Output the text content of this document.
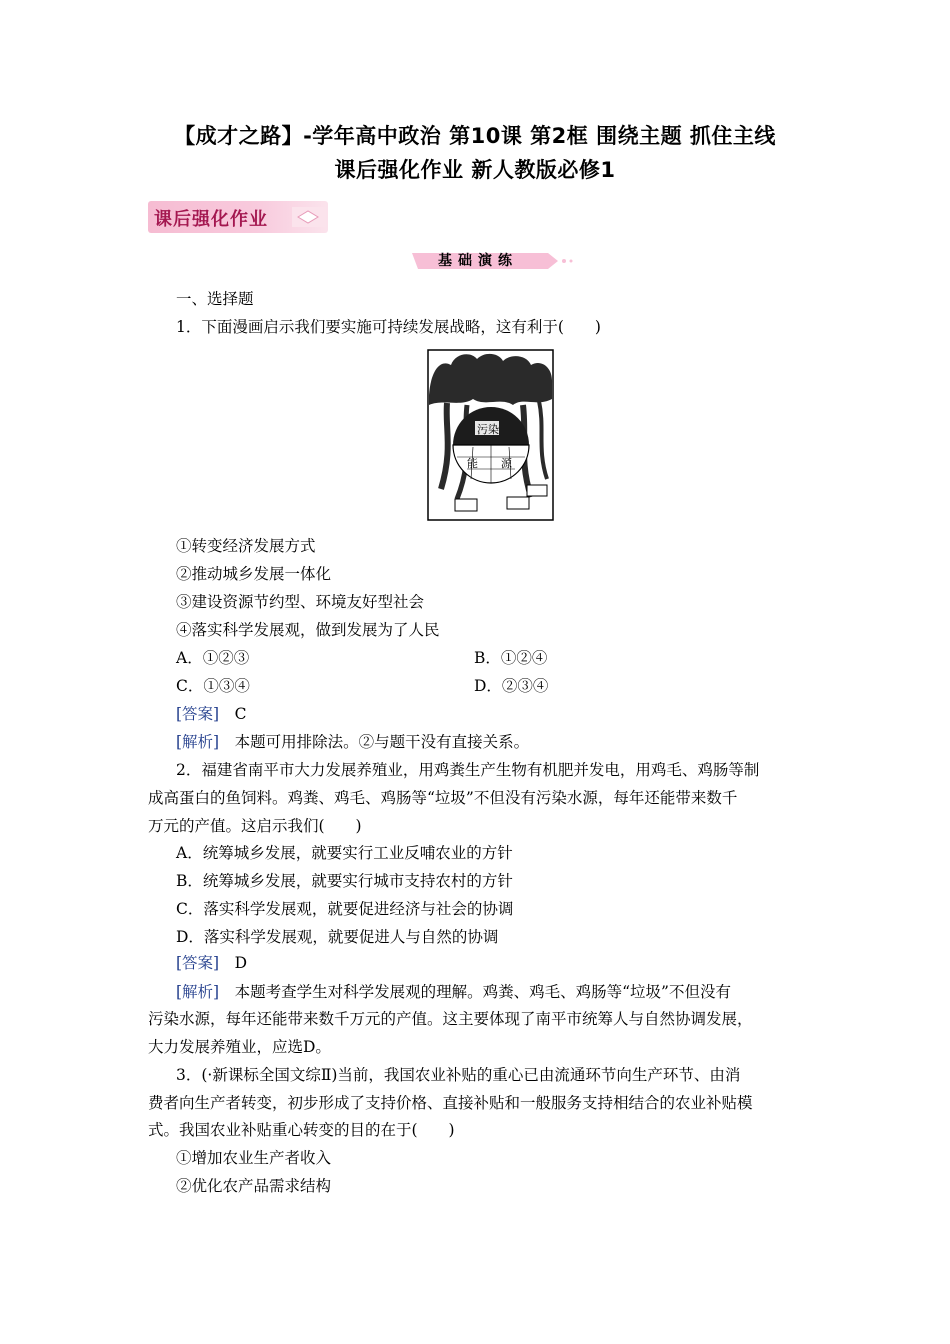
【成才之路】-学年高中政治 第10课 第2框 围绕主题 抓住主线
课后强化作业 新人教版必修1
课后强化作业
基础演练
一、选择题
1．下面漫画启示我们要实施可持续发展战略，这有利于(　　)
污染
能 源
①转变经济发展方式
②推动城乡发展一体化
③建设资源节约型、环境友好型社会
④落实科学发展观，做到发展为了人民
A．①②③	B．①②④
C．①③④	D．②③④
[答案]　 C
[解析]　 本题可用排除法。②与题干没有直接关系。
2．福建省南平市大力发展养殖业，用鸡粪生产生物有机肥并发电，用鸡毛、鸡肠等制
成高蛋白的鱼饲料。鸡粪、鸡毛、鸡肠等“垃圾”不但没有污染水源，每年还能带来数千
万元的产值。这启示我们(　　)
A．统筹城乡发展，就要实行工业反哺农业的方针
B．统筹城乡发展，就要实行城市支持农村的方针
C．落实科学发展观，就要促进经济与社会的协调
D．落实科学发展观，就要促进人与自然的协调
[答案]　 D
[解析]　 本题考查学生对科学发展观的理解。鸡粪、鸡毛、鸡肠等“垃圾”不但没有
污染水源，每年还能带来数千万元的产值。这主要体现了南平市统筹人与自然协调发展，
大力发展养殖业，应选D。
3．(·新课标全国文综Ⅱ)当前，我国农业补贴的重心已由流通环节向生产环节、由消
费者向生产者转变，初步形成了支持价格、直接补贴和一般服务支持相结合的农业补贴模
式。我国农业补贴重心转变的目的在于(　　)
①增加农业生产者收入
②优化农产品需求结构
